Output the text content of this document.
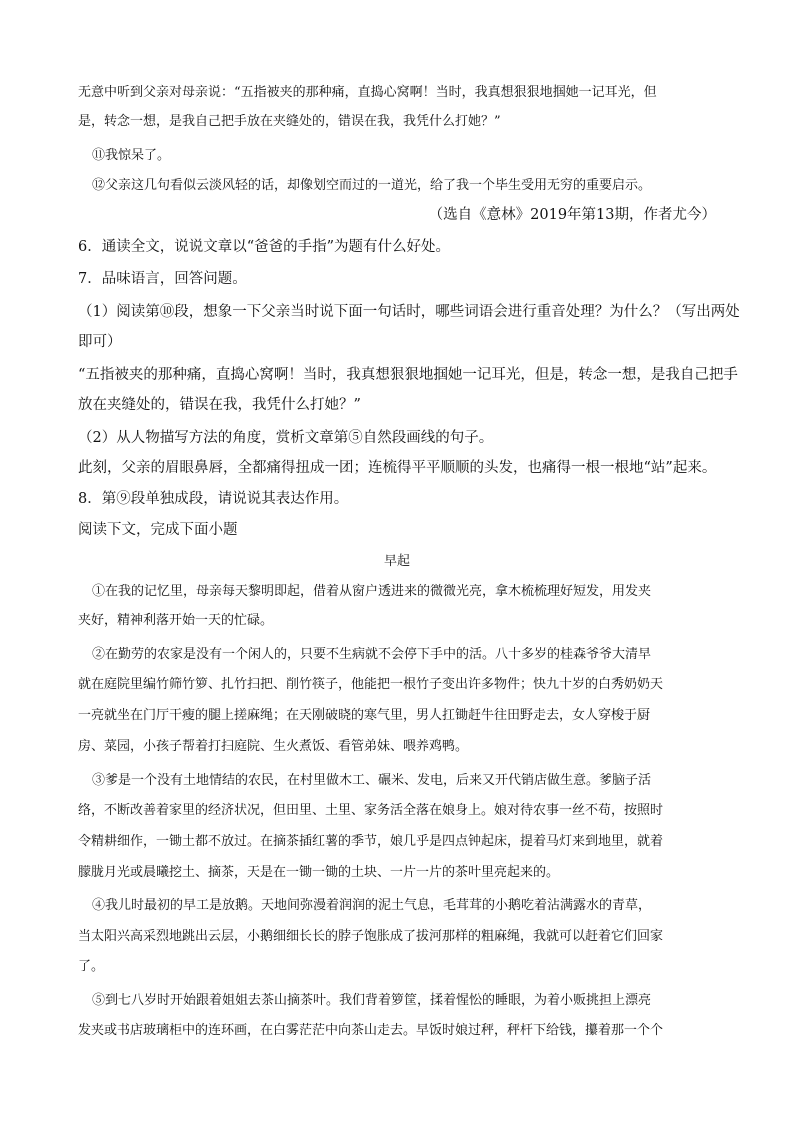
无意中听到父亲对母亲说：“五指被夹的那种痛，直捣心窝啊！当时，我真想狠狠地掴她一记耳光，但
是，转念一想，是我自己把手放在夹缝处的，错误在我，我凭什么打她？”
⑪我惊呆了。
⑫父亲这几句看似云淡风轻的话，却像划空而过的一道光，给了我一个毕生受用无穷的重要启示。
（选自《意林》2019年第13期，作者尤今）
6．通读全文，说说文章以“爸爸的手指”为题有什么好处。
7．品味语言，回答问题。
（1）阅读第⑩段，想象一下父亲当时说下面一句话时，哪些词语会进行重音处理？为什么？（写出两处
即可）
“五指被夹的那种痛，直捣心窝啊！当时，我真想狠狠地掴她一记耳光，但是，转念一想，是我自己把手
放在夹缝处的，错误在我，我凭什么打她？”
（2）从人物描写方法的角度，赏析文章第⑤自然段画线的句子。
此刻，父亲的眉眼鼻唇，全都痛得扭成一团；连梳得平平顺顺的头发，也痛得一根一根地“站”起来。
8．第⑨段单独成段，请说说其表达作用。
阅读下文，完成下面小题
早起
①在我的记忆里，母亲每天黎明即起，借着从窗户透进来的微微光亮，拿木梳梳理好短发，用发夹
夹好，精神利落开始一天的忙碌。
②在勤劳的农家是没有一个闲人的，只要不生病就不会停下手中的活。八十多岁的桂森爷爷大清早
就在庭院里编竹筛竹箩、扎竹扫把、削竹筷子，他能把一根竹子变出许多物件；快九十岁的白秀奶奶天
一亮就坐在门厅干瘦的腿上搓麻绳；在天刚破晓的寒气里，男人扛锄赶牛往田野走去，女人穿梭于厨
房、菜园，小孩子帮着打扫庭院、生火煮饭、看管弟妹、喂养鸡鸭。
③爹是一个没有土地情结的农民，在村里做木工、碾米、发电，后来又开代销店做生意。爹脑子活
络，不断改善着家里的经济状况，但田里、土里、家务活全落在娘身上。娘对待农事一丝不苟，按照时
令精耕细作，一锄土都不放过。在摘茶插红薯的季节，娘几乎是四点钟起床，提着马灯来到地里，就着
朦胧月光或晨曦挖土、摘茶，天是在一锄一锄的土块、一片一片的茶叶里亮起来的。
④我儿时最初的早工是放鹅。天地间弥漫着润润的泥土气息，毛茸茸的小鹅吃着沾满露水的青草，
当太阳兴高采烈地跳出云层，小鹅细细长长的脖子饱胀成了拔河那样的粗麻绳，我就可以赶着它们回家
了。
⑤到七八岁时开始跟着姐姐去茶山摘茶叶。我们背着箩筐，揉着惺忪的睡眼，为着小贩挑担上漂亮
发夹或书店玻璃柜中的连环画，在白雾茫茫中向茶山走去。早饭时娘过秤，秤杆下给钱，攥着那一个个
